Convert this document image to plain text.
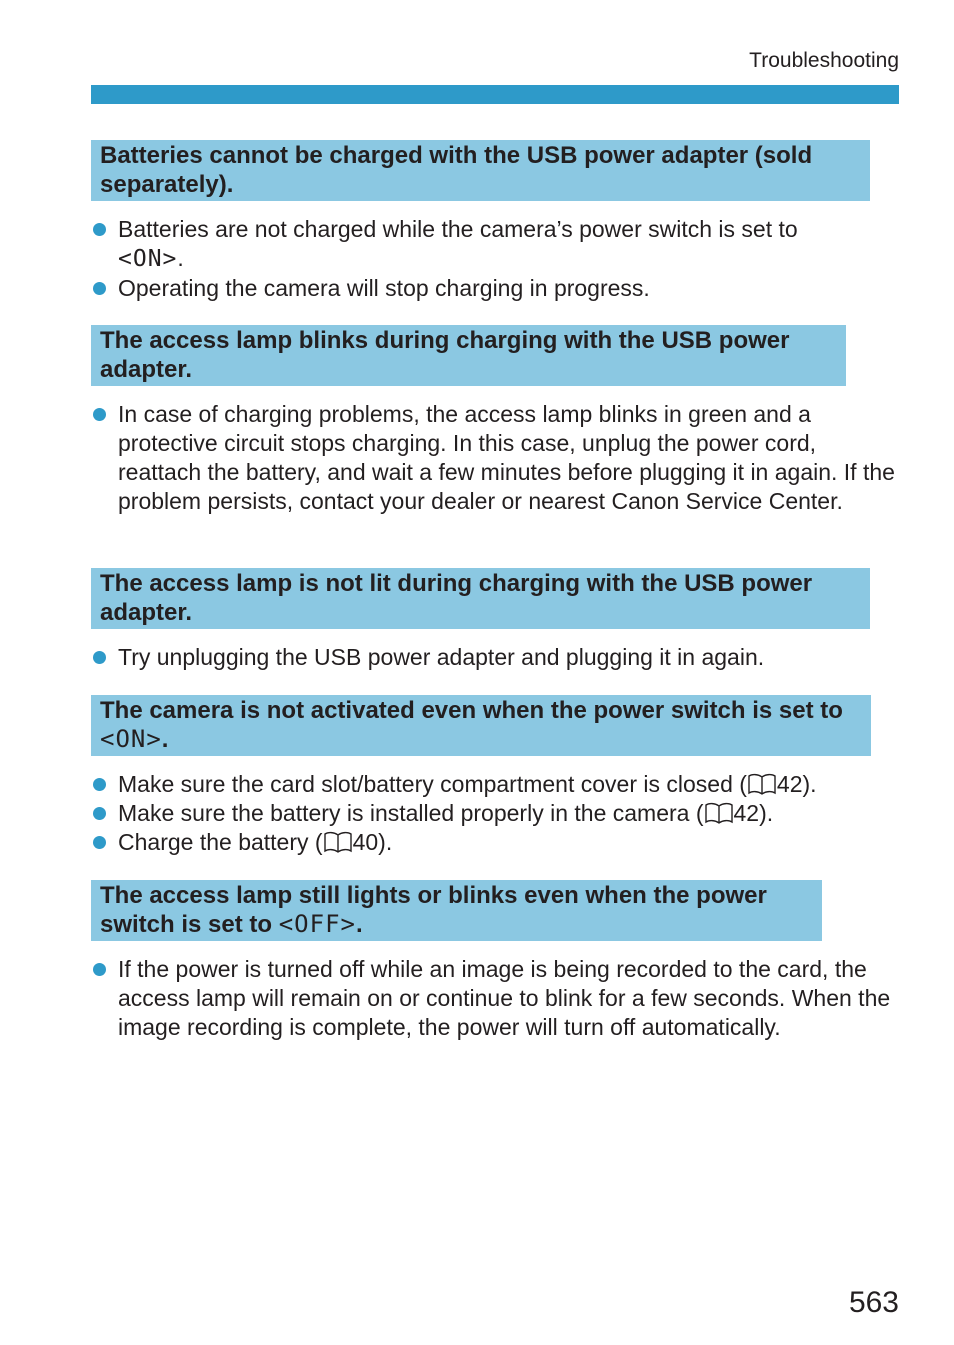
Troubleshooting
Batteries cannot be charged with the USB power adapter (sold separately).
Batteries are not charged while the camera’s power switch is set to
<ON>.
Operating the camera will stop charging in progress.
The access lamp blinks during charging with the USB power adapter.
In case of charging problems, the access lamp blinks in green and a protective circuit stops charging. In this case, unplug the power cord, reattach the battery, and wait a few minutes before plugging it in again. If the problem persists, contact your dealer or nearest Canon Service Center.
The access lamp is not lit during charging with the USB power adapter.
Try unplugging the USB power adapter and plugging it in again.
The camera is not activated even when the power switch is set to <ON>.
Make sure the card slot/battery compartment cover is closed ( 42).
Make sure the battery is installed properly in the camera ( 42).
Charge the battery ( 40).
The access lamp still lights or blinks even when the power switch is set to <OFF>.
If the power is turned off while an image is being recorded to the card, the access lamp will remain on or continue to blink for a few seconds. When the image recording is complete, the power will turn off automatically.
563
